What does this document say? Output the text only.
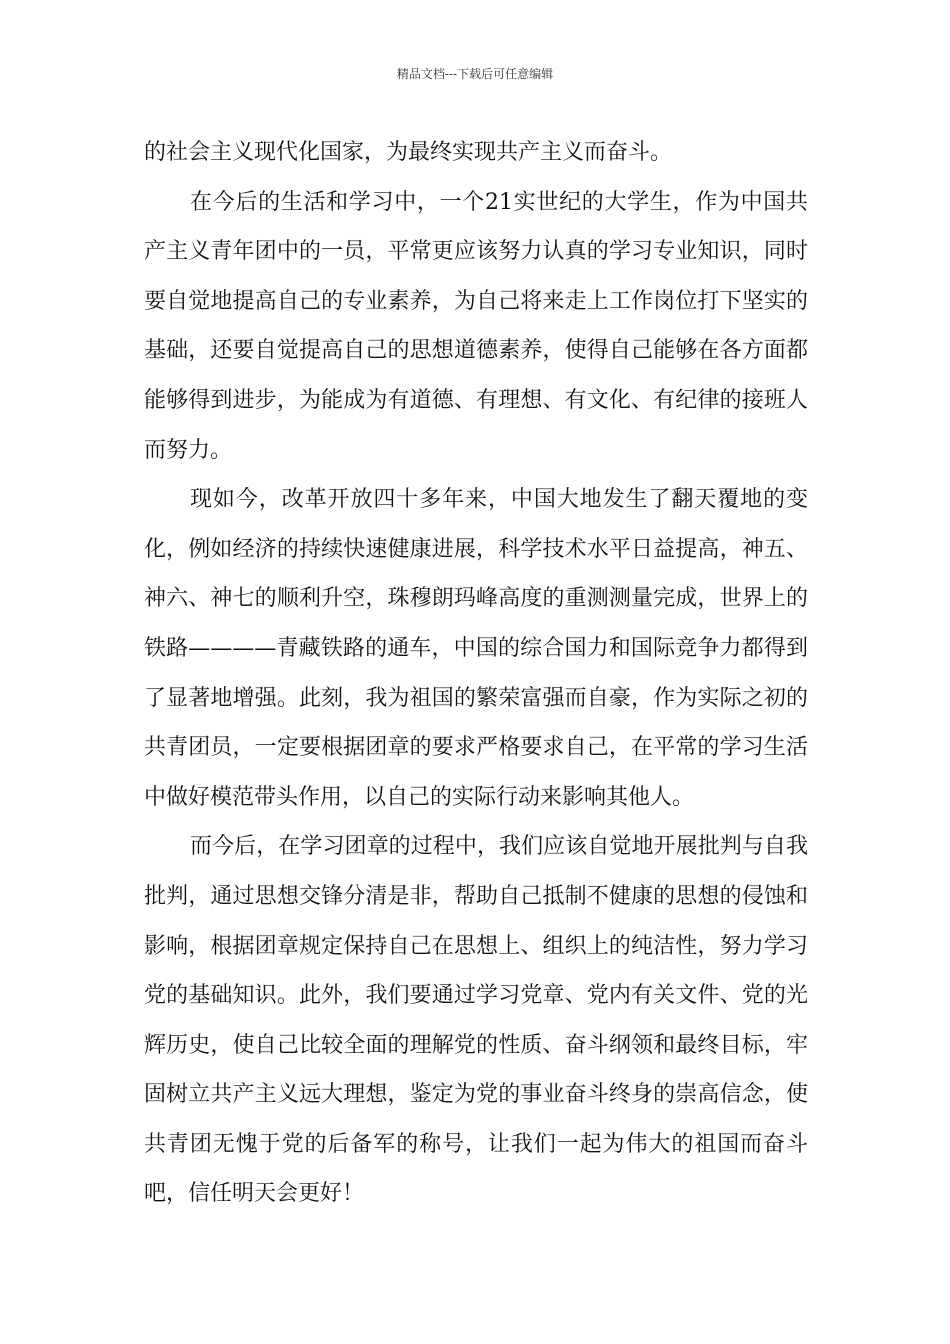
精品文档---下载后可任意编辑

的社会主义现代化国家，为最终实现共产主义而奋斗。

在今后的生活和学习中，一个21实世纪的大学生，作为中国共产主义青年团中的一员，平常更应该努力认真的学习专业知识，同时要自觉地提高自己的专业素养，为自己将来走上工作岗位打下坚实的基础，还要自觉提高自己的思想道德素养，使得自己能够在各方面都能够得到进步，为能成为有道德、有理想、有文化、有纪律的接班人而努力。

现如今，改革开放四十多年来，中国大地发生了翻天覆地的变化，例如经济的持续快速健康进展，科学技术水平日益提高，神五、神六、神七的顺利升空，珠穆朗玛峰高度的重测测量完成，世界上的铁路————青藏铁路的通车，中国的综合国力和国际竞争力都得到了显著地增强。此刻，我为祖国的繁荣富强而自豪，作为实际之初的共青团员，一定要根据团章的要求严格要求自己，在平常的学习生活中做好模范带头作用，以自己的实际行动来影响其他人。

而今后，在学习团章的过程中，我们应该自觉地开展批判与自我批判，通过思想交锋分清是非，帮助自己抵制不健康的思想的侵蚀和影响，根据团章规定保持自己在思想上、组织上的纯洁性，努力学习党的基础知识。此外，我们要通过学习党章、党内有关文件、党的光辉历史，使自己比较全面的理解党的性质、奋斗纲领和最终目标，牢固树立共产主义远大理想，鉴定为党的事业奋斗终身的崇高信念，使共青团无愧于党的后备军的称号，让我们一起为伟大的祖国而奋斗吧，信任明天会更好！
